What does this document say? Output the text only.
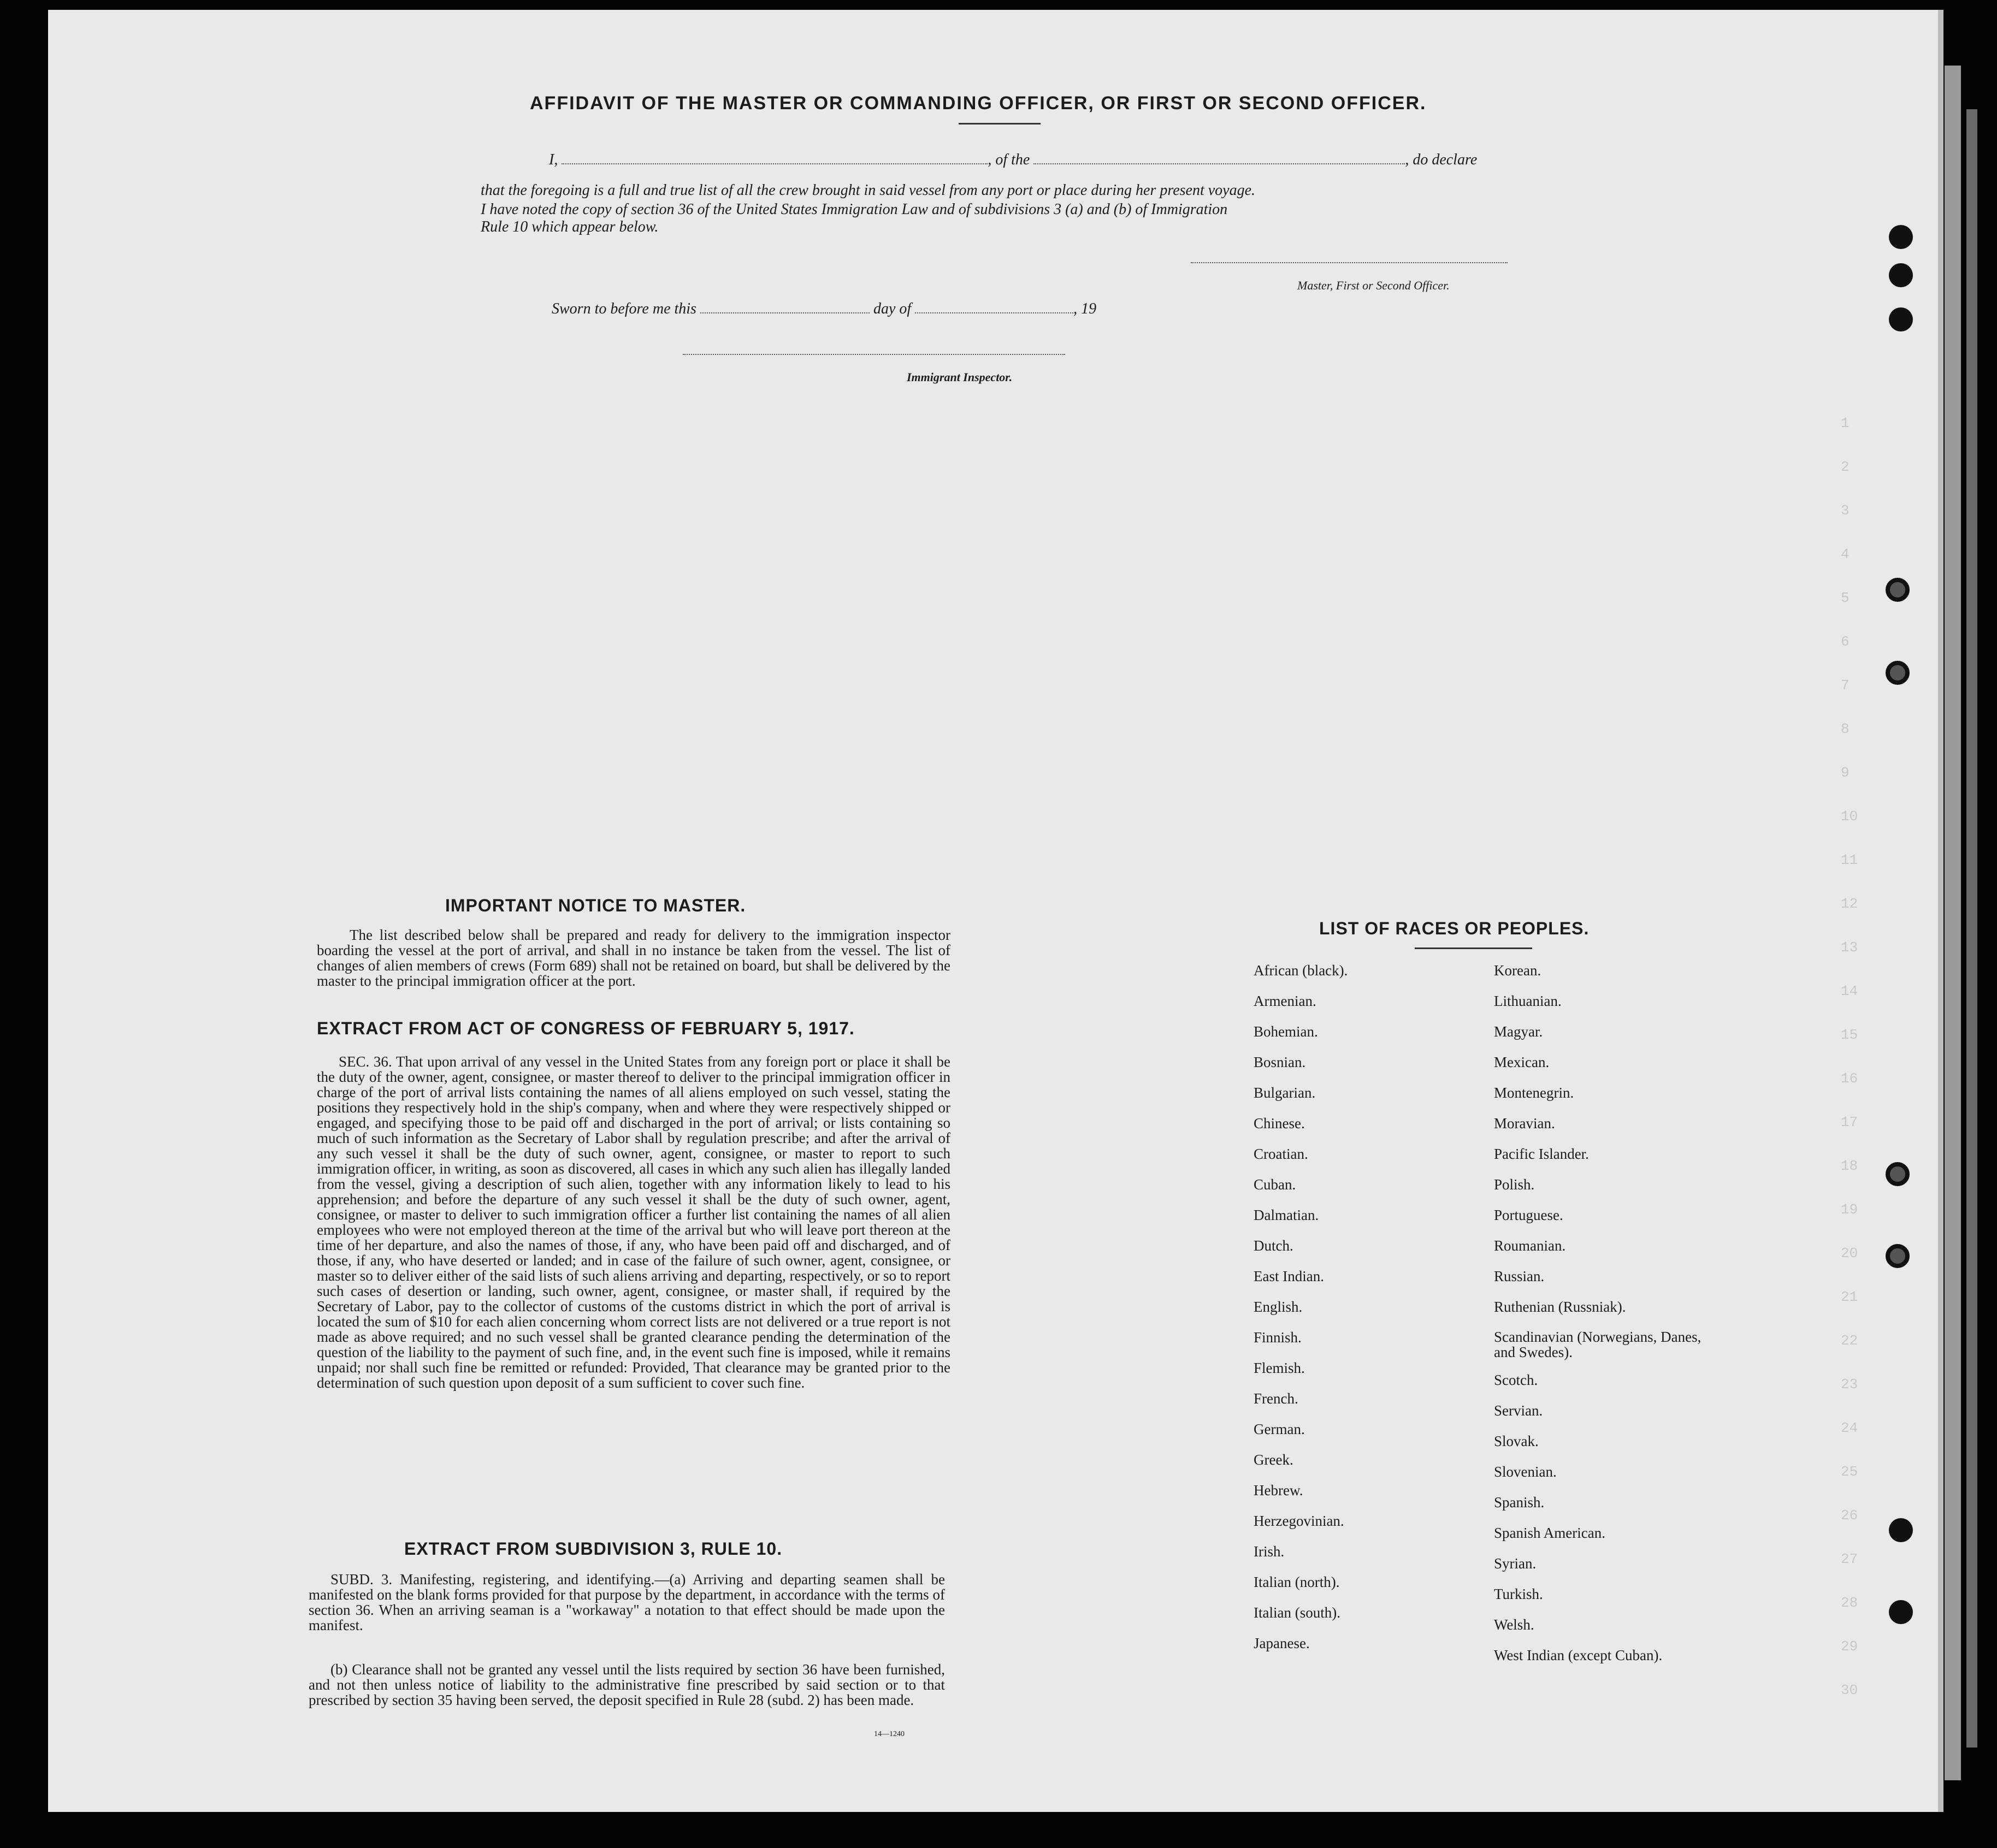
1
2
3
4
5
6
7
8
9
10
11
12
13
14
15
16
17
18
19
20
21
22
23
24
25
26
27
28
29
30
AFFIDAVIT OF THE MASTER OR COMMANDING OFFICER, OR FIRST OR SECOND OFFICER.
I,	, of the	, do declare
that the foregoing is a full and true list of all the crew brought in said vessel from any port or place during her present voyage.
I have noted the copy of section 36 of the United States Immigration Law and of subdivisions 3 (a) and (b) of Immigration
Rule 10 which appear below.
Master, First or Second Officer.
Sworn to before me this	day of	, 19
Immigrant Inspector.
IMPORTANT NOTICE TO MASTER.
The list described below shall be prepared and ready for delivery to the immigration inspector boarding the vessel at the port of arrival, and shall in no instance be taken from the vessel. The list of changes of alien members of crews (Form 689) shall not be retained on board, but shall be delivered by the master to the principal immigration officer at the port.
EXTRACT FROM ACT OF CONGRESS OF FEBRUARY 5, 1917.
SEC. 36. That upon arrival of any vessel in the United States from any foreign port or place it shall be the duty of the owner, agent, consignee, or master thereof to deliver to the principal immigration officer in charge of the port of arrival lists containing the names of all aliens employed on such vessel, stating the positions they respectively hold in the ship's company, when and where they were respectively shipped or engaged, and specifying those to be paid off and discharged in the port of arrival; or lists containing so much of such information as the Secretary of Labor shall by regulation prescribe; and after the arrival of any such vessel it shall be the duty of such owner, agent, consignee, or master to report to such immigration officer, in writing, as soon as discovered, all cases in which any such alien has illegally landed from the vessel, giving a description of such alien, together with any information likely to lead to his apprehension; and before the departure of any such vessel it shall be the duty of such owner, agent, consignee, or master to deliver to such immigration officer a further list containing the names of all alien employees who were not employed thereon at the time of the arrival but who will leave port thereon at the time of her departure, and also the names of those, if any, who have been paid off and discharged, and of those, if any, who have deserted or landed; and in case of the failure of such owner, agent, consignee, or master so to deliver either of the said lists of such aliens arriving and departing, respectively, or so to report such cases of desertion or landing, such owner, agent, consignee, or master shall, if required by the Secretary of Labor, pay to the collector of customs of the customs district in which the port of arrival is located the sum of $10 for each alien concerning whom correct lists are not delivered or a true report is not made as above required; and no such vessel shall be granted clearance pending the determination of the question of the liability to the payment of such fine, and, in the event such fine is imposed, while it remains unpaid; nor shall such fine be remitted or refunded: Provided, That clearance may be granted prior to the determination of such question upon deposit of a sum sufficient to cover such fine.
EXTRACT FROM SUBDIVISION 3, RULE 10.
SUBD. 3. Manifesting, registering, and identifying.—(a) Arriving and departing seamen shall be manifested on the blank forms provided for that purpose by the department, in accordance with the terms of section 36. When an arriving seaman is a "workaway" a notation to that effect should be made upon the manifest.
(b) Clearance shall not be granted any vessel until the lists required by section 36 have been furnished, and not then unless notice of liability to the administrative fine prescribed by said section or to that prescribed by section 35 having been served, the deposit specified in Rule 28 (subd. 2) has been made.
14—1240
LIST OF RACES OR PEOPLES.
African (black).
Armenian.
Bohemian.
Bosnian.
Bulgarian.
Chinese.
Croatian.
Cuban.
Dalmatian.
Dutch.
East Indian.
English.
Finnish.
Flemish.
French.
German.
Greek.
Hebrew.
Herzegovinian.
Irish.
Italian (north).
Italian (south).
Japanese.
Korean.
Lithuanian.
Magyar.
Mexican.
Montenegrin.
Moravian.
Pacific Islander.
Polish.
Portuguese.
Roumanian.
Russian.
Ruthenian (Russniak).
Scandinavian (Norwegians, Danes, and Swedes).
Scotch.
Servian.
Slovak.
Slovenian.
Spanish.
Spanish American.
Syrian.
Turkish.
Welsh.
West Indian (except Cuban).
